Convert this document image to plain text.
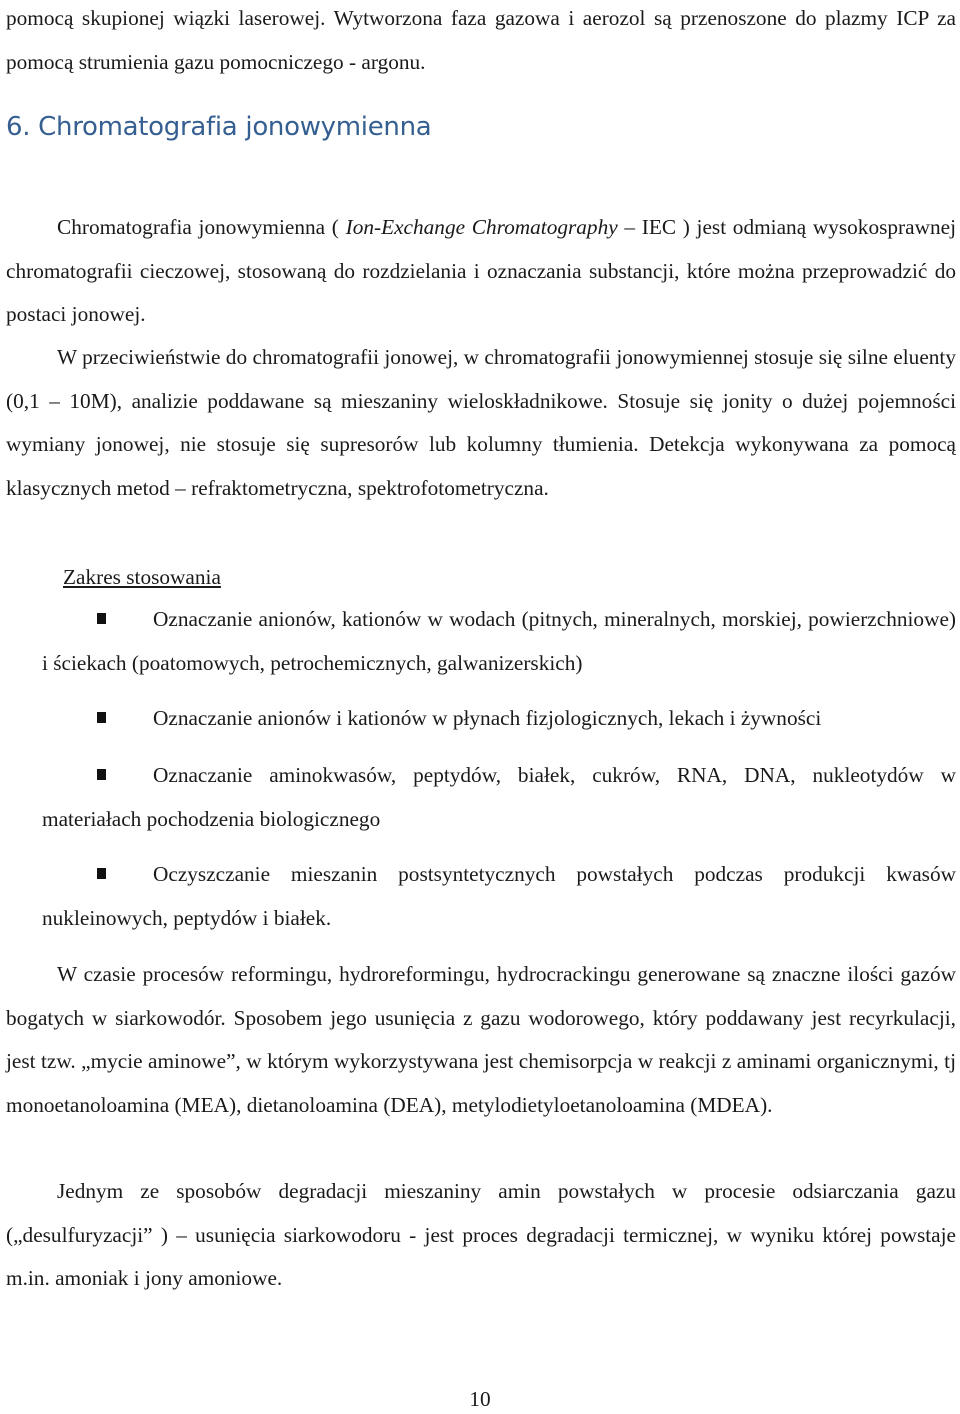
pomocą skupionej wiązki laserowej. Wytworzona faza gazowa i aerozol są przenoszone do plazmy ICP za pomocą strumienia gazu pomocniczego - argonu.

6. Chromatografia jonowymienna

Chromatografia jonowymienna ( Ion-Exchange Chromatography – IEC ) jest odmianą wysokosprawnej chromatografii cieczowej, stosowaną do rozdzielania i oznaczania substancji, które można przeprowadzić do postaci jonowej.

W przeciwieństwie do chromatografii jonowej, w chromatografii jonowymiennej stosuje się silne eluenty (0,1 – 10M), analizie poddawane są mieszaniny wieloskładnikowe. Stosuje się jonity o dużej pojemności wymiany jonowej, nie stosuje się supresorów lub kolumny tłumienia. Detekcja wykonywana za pomocą klasycznych metod – refraktometryczna, spektrofotometryczna.

Zakres stosowania
Oznaczanie anionów, kationów w wodach (pitnych, mineralnych, morskiej, powierzchniowe) i ściekach (poatomowych, petrochemicznych, galwanizerskich)
Oznaczanie anionów i kationów w płynach fizjologicznych, lekach i żywności
Oznaczanie aminokwasów, peptydów, białek, cukrów, RNA, DNA, nukleotydów w materiałach pochodzenia biologicznego
Oczyszczanie mieszanin postsyntetycznych powstałych podczas produkcji kwasów nukleinowych, peptydów i białek.

W czasie procesów reformingu, hydroreformingu, hydrocrackingu generowane są znaczne ilości gazów bogatych w siarkowodór. Sposobem jego usunięcia z gazu wodorowego, który poddawany jest recyrkulacji, jest tzw. „mycie aminowe”, w którym wykorzystywana jest chemisorpcja w reakcji z aminami organicznymi, tj monoetanoloamina (MEA), dietanoloamina (DEA), metylodietyloetanoloamina (MDEA).

Jednym ze sposobów degradacji mieszaniny amin powstałych w procesie odsiarczania gazu („desulfuryzacji” ) – usunięcia siarkowodoru - jest proces degradacji termicznej, w wyniku której powstaje m.in. amoniak i jony amoniowe.

10
